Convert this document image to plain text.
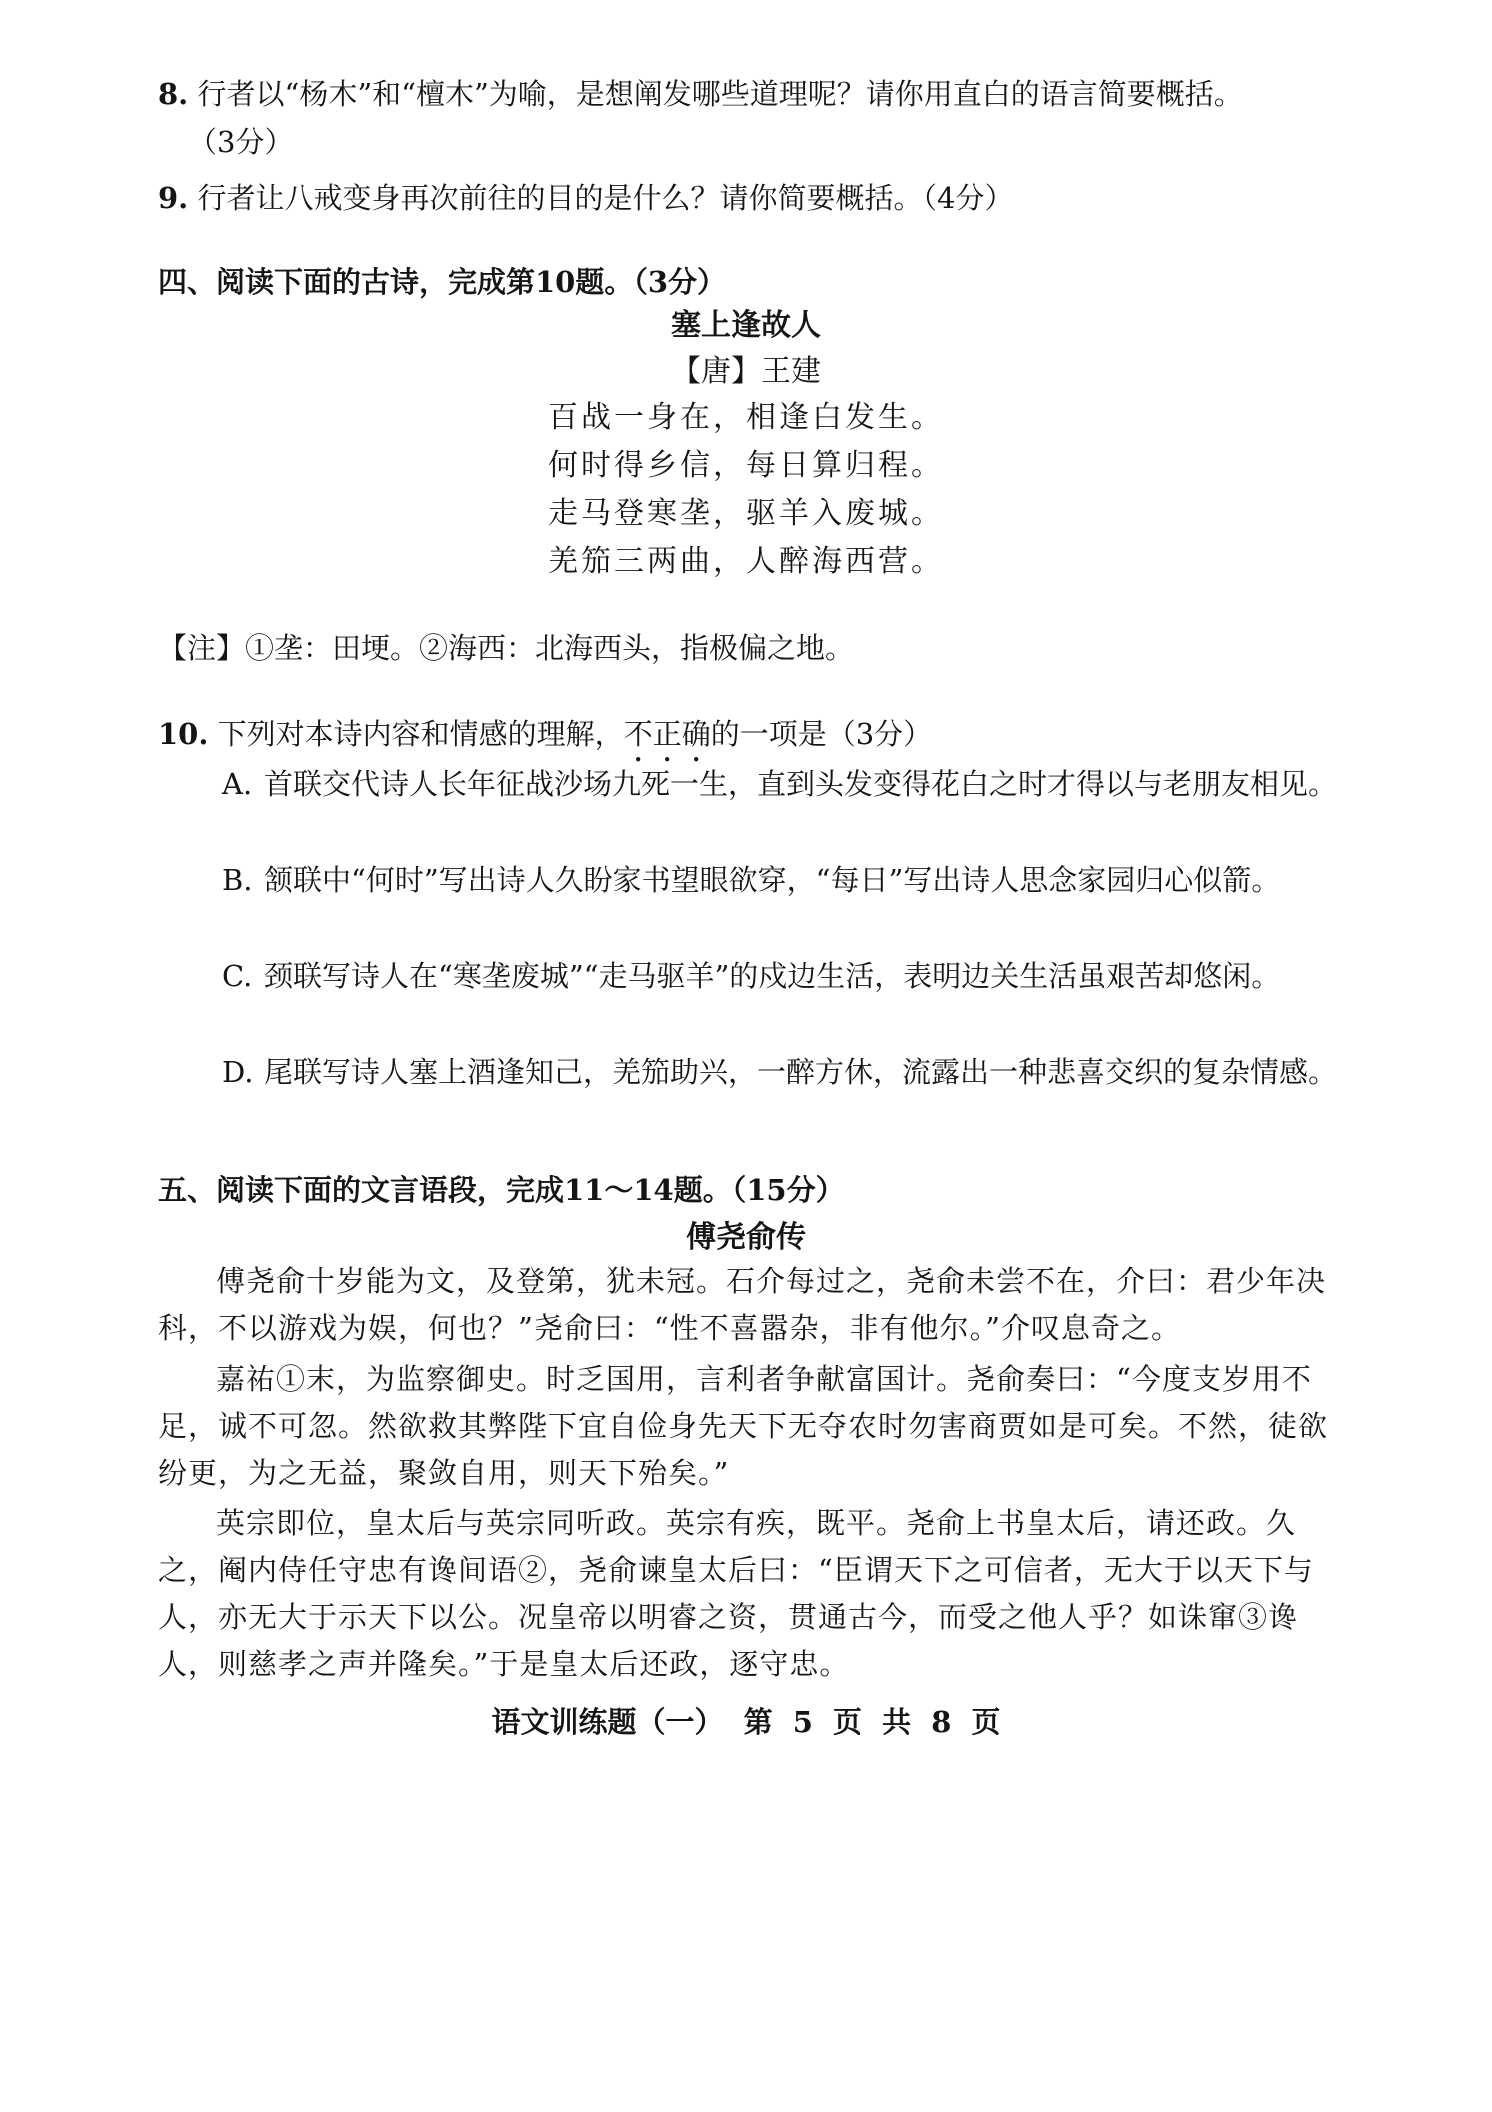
8. 行者以“杨木”和“檀木”为喻，是想阐发哪些道理呢？请你用直白的语言简要概括。
（3分）
9. 行者让八戒变身再次前往的目的是什么？请你简要概括。（4分）
四、阅读下面的古诗，完成第10题。（3分）
塞上逢故人
【唐】王建
百战一身在，相逢白发生。
何时得乡信，每日算归程。
走马登寒垄，驱羊入废城。
羌笳三两曲，人醉海西营。
【注】①垄：田埂。②海西：北海西头，指极偏之地。
10. 下列对本诗内容和情感的理解，不正确的一项是（3分）
A. 首联交代诗人长年征战沙场九死一生，直到头发变得花白之时才得以与老朋友相见。
B. 颔联中“何时”写出诗人久盼家书望眼欲穿，“每日”写出诗人思念家园归心似箭。
C. 颈联写诗人在“寒垄废城”“走马驱羊”的戍边生活，表明边关生活虽艰苦却悠闲。
D. 尾联写诗人塞上酒逢知己，羌笳助兴，一醉方休，流露出一种悲喜交织的复杂情感。
五、阅读下面的文言语段，完成11～14题。（15分）
傅尧俞传
傅尧俞十岁能为文，及登第，犹未冠。石介每过之，尧俞未尝不在，介曰：君少年决科，不以游戏为娱，何也？”尧俞曰：“性不喜嚣杂，非有他尔。”介叹息奇之。
嘉祐①末，为监察御史。时乏国用，言利者争献富国计。尧俞奏曰：“今度支岁用不足，诚不可忽。然欲救其弊陛下宜自俭身先天下无夺农时勿害商贾如是可矣。不然，徒欲纷更，为之无益，聚敛自用，则天下殆矣。”
英宗即位，皇太后与英宗同听政。英宗有疾，既平。尧俞上书皇太后，请还政。久之，阉内侍任守忠有谗间语②，尧俞谏皇太后曰：“臣谓天下之可信者，无大于以天下与人，亦无大于示天下以公。况皇帝以明睿之资，贯通古今，而受之他人乎？如诛窜③谗人，则慈孝之声并隆矣。”于是皇太后还政，逐守忠。
语文训练题（一） 第 5 页 共 8 页
